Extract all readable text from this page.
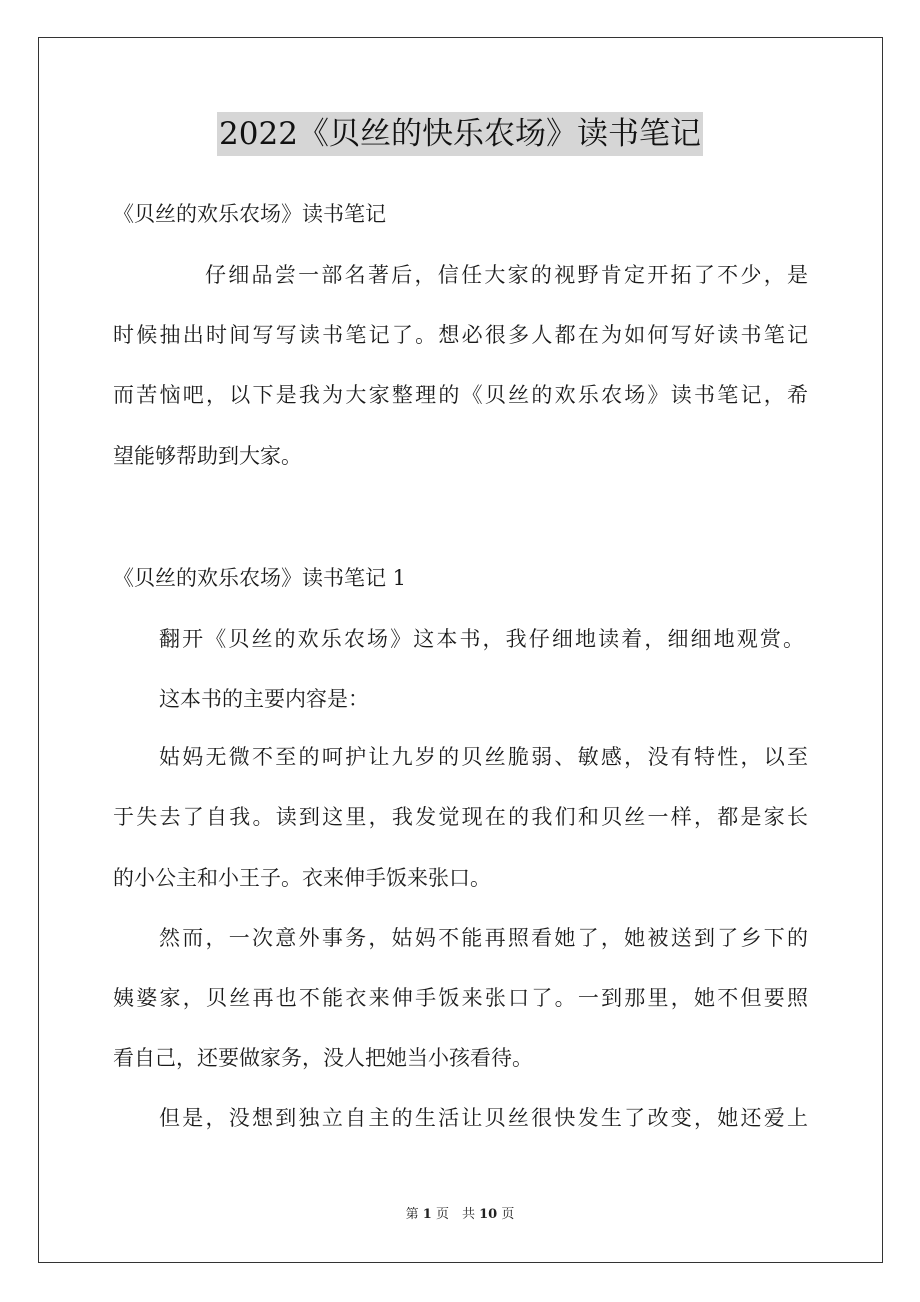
2022《贝丝的快乐农场》读书笔记
《贝丝的欢乐农场》读书笔记
仔细品尝一部名著后，信任大家的视野肯定开拓了不少，是
时候抽出时间写写读书笔记了。想必很多人都在为如何写好读书笔记
而苦恼吧，以下是我为大家整理的《贝丝的欢乐农场》读书笔记，希
望能够帮助到大家。
《贝丝的欢乐农场》读书笔记 1
翻开《贝丝的欢乐农场》这本书，我仔细地读着，细细地观赏。
这本书的主要内容是：
姑妈无微不至的呵护让九岁的贝丝脆弱、敏感，没有特性，以至
于失去了自我。读到这里，我发觉现在的我们和贝丝一样，都是家长
的小公主和小王子。衣来伸手饭来张口。
然而，一次意外事务，姑妈不能再照看她了，她被送到了乡下的
姨婆家，贝丝再也不能衣来伸手饭来张口了。一到那里，她不但要照
看自己，还要做家务，没人把她当小孩看待。
但是，没想到独立自主的生活让贝丝很快发生了改变，她还爱上
第 1 页　共 10 页
